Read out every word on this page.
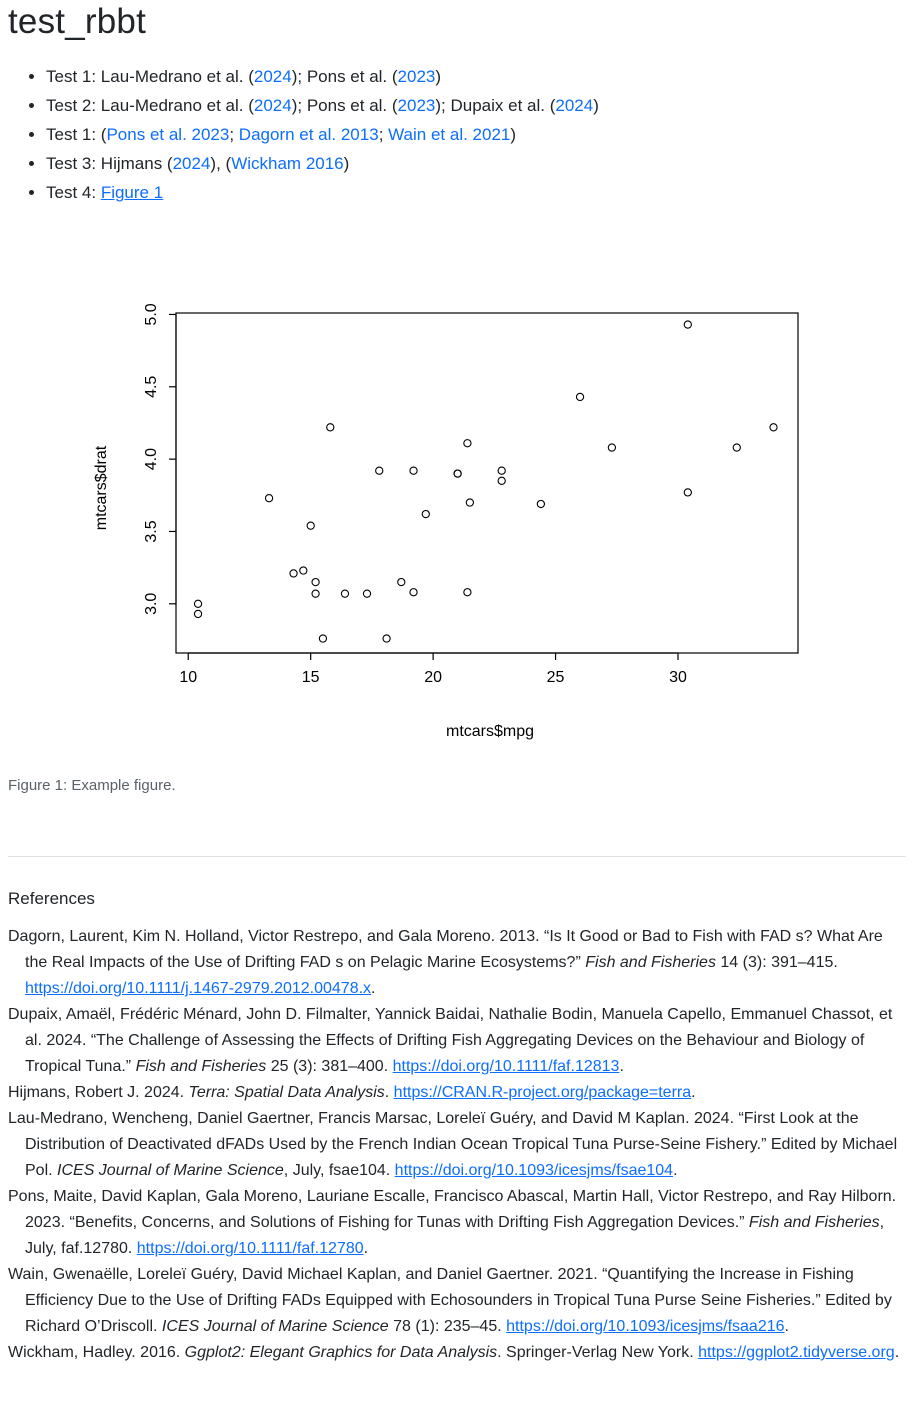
test_rbbt
• Test 1: Lau-Medrano et al. (2024); Pons et al. (2023)
• Test 2: Lau-Medrano et al. (2024); Pons et al. (2023); Dupaix et al. (2024)
• Test 1: (Pons et al. 2023; Dagorn et al. 2013; Wain et al. 2021)
• Test 3: Hijmans (2024), (Wickham 2016)
• Test 4: Figure 1
10	15	20	25	30
3.0
3.5
4.0
4.5
5.0
mtcars$mpg
mtcars$drat
Figure 1: Example figure.
References
Dagorn, Laurent, Kim N. Holland, Victor Restrepo, and Gala Moreno. 2013. “Is It Good or Bad to Fish with FAD s? What Are the Real Impacts of the Use of Drifting FAD s on Pelagic Marine Ecosystems?” Fish and Fisheries 14 (3): 391–415. https://doi.org/10.1111/j.1467-2979.2012.00478.x.
Dupaix, Amaël, Frédéric Ménard, John D. Filmalter, Yannick Baidai, Nathalie Bodin, Manuela Capello, Emmanuel Chassot, et al. 2024. “The Challenge of Assessing the Effects of Drifting Fish Aggregating Devices on the Behaviour and Biology of Tropical Tuna.” Fish and Fisheries 25 (3): 381–400. https://doi.org/10.1111/faf.12813.
Hijmans, Robert J. 2024. Terra: Spatial Data Analysis. https://CRAN.R-project.org/package=terra.
Lau-Medrano, Wencheng, Daniel Gaertner, Francis Marsac, Loreleï Guéry, and David M Kaplan. 2024. “First Look at the Distribution of Deactivated dFADs Used by the French Indian Ocean Tropical Tuna Purse-Seine Fishery.” Edited by Michael Pol. ICES Journal of Marine Science, July, fsae104. https://doi.org/10.1093/icesjms/fsae104.
Pons, Maite, David Kaplan, Gala Moreno, Lauriane Escalle, Francisco Abascal, Martin Hall, Victor Restrepo, and Ray Hilborn. 2023. “Benefits, Concerns, and Solutions of Fishing for Tunas with Drifting Fish Aggregation Devices.” Fish and Fisheries, July, faf.12780. https://doi.org/10.1111/faf.12780.
Wain, Gwenaëlle, Loreleï Guéry, David Michael Kaplan, and Daniel Gaertner. 2021. “Quantifying the Increase in Fishing Efficiency Due to the Use of Drifting FADs Equipped with Echosounders in Tropical Tuna Purse Seine Fisheries.” Edited by Richard O’Driscoll. ICES Journal of Marine Science 78 (1): 235–45. https://doi.org/10.1093/icesjms/fsaa216.
Wickham, Hadley. 2016. Ggplot2: Elegant Graphics for Data Analysis. Springer-Verlag New York. https://ggplot2.tidyverse.org.
